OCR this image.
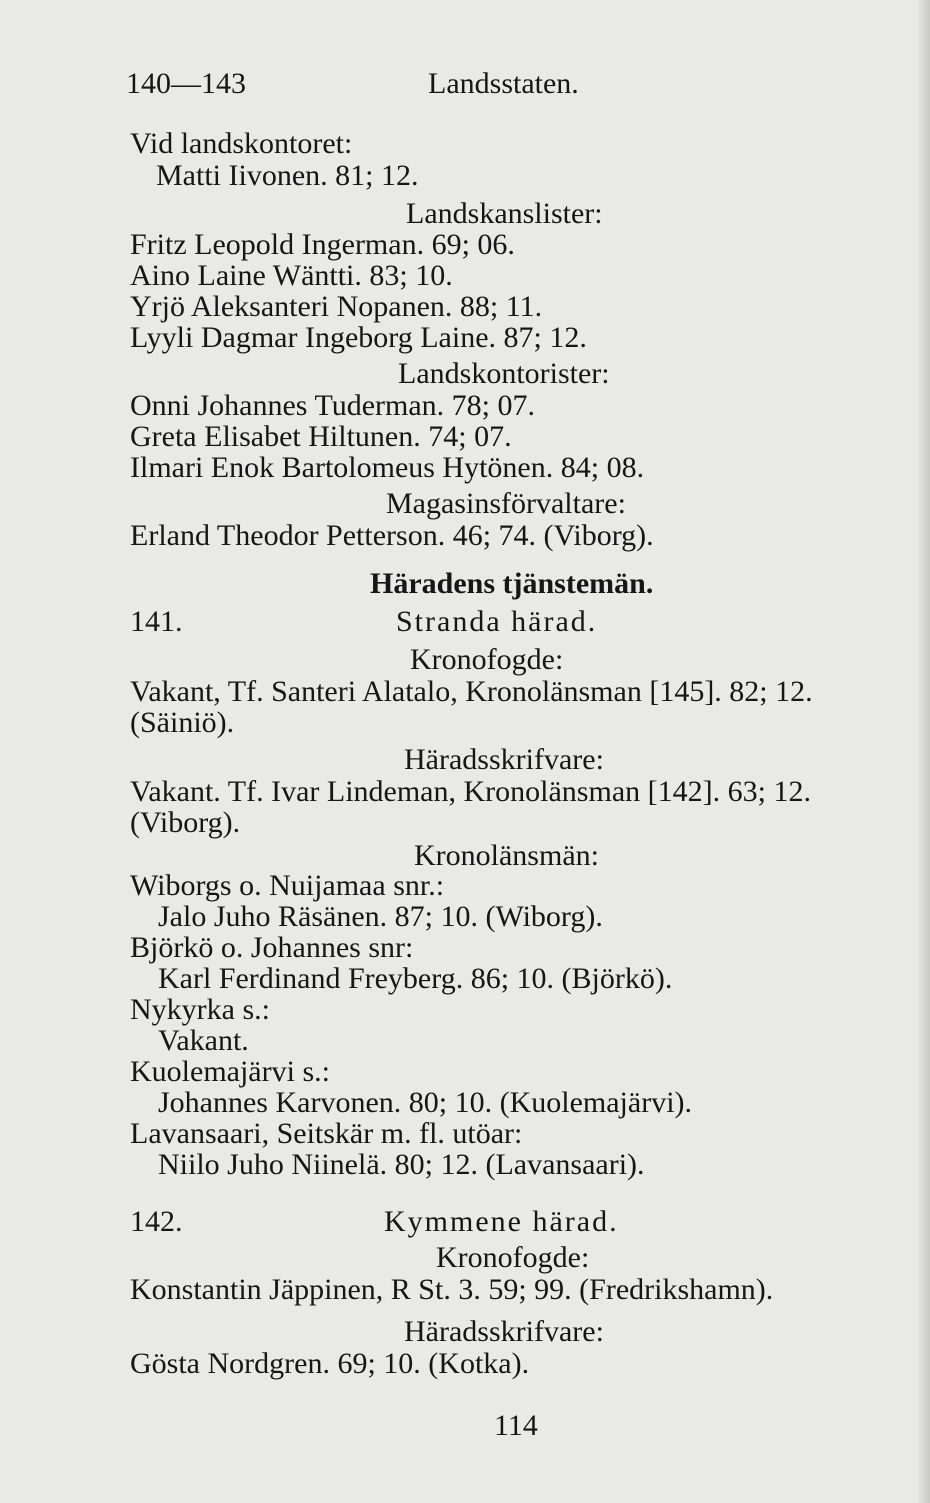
140—143	Landsstaten.
Vid landskontoret:
Matti Iivonen. 81; 12.
Landskanslister:
Fritz Leopold Ingerman. 69; 06.
Aino Laine Wäntti. 83; 10.
Yrjö Aleksanteri Nopanen. 88; 11.
Lyyli Dagmar Ingeborg Laine. 87; 12.
Landskontorister:
Onni Johannes Tuderman. 78; 07.
Greta Elisabet Hiltunen. 74; 07.
Ilmari Enok Bartolomeus Hytönen. 84; 08.
Magasinsförvaltare:
Erland Theodor Petterson. 46; 74. (Viborg).
Häradens tjänstemän.
141.	Stranda härad.
Kronofogde:
Vakant, Tf. Santeri Alatalo, Kronolänsman [145]. 82; 12.
(Säiniö).
Häradsskrifvare:
Vakant. Tf. Ivar Lindeman, Kronolänsman [142]. 63; 12.
(Viborg).
Kronolänsmän:
Wiborgs o. Nuijamaa snr.:
Jalo Juho Räsänen. 87; 10. (Wiborg).
Björkö o. Johannes snr:
Karl Ferdinand Freyberg. 86; 10. (Björkö).
Nykyrka s.:
Vakant.
Kuolemajärvi s.:
Johannes Karvonen. 80; 10. (Kuolemajärvi).
Lavansaari, Seitskär m. fl. utöar:
Niilo Juho Niinelä. 80; 12. (Lavansaari).
142.	Kymmene härad.
Kronofogde:
Konstantin Jäppinen, R St. 3. 59; 99. (Fredrikshamn).
Häradsskrifvare:
Gösta Nordgren. 69; 10. (Kotka).
114
